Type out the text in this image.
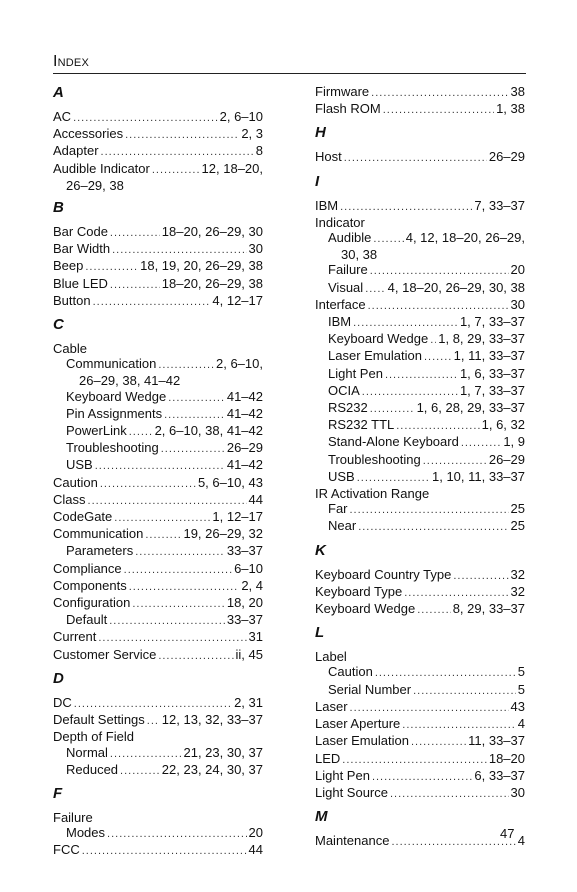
Index
A
AC .....	2, 6–10
Accessories .....	2, 3
Adapter .....	8
Audible Indicator .....	12, 18–20,
26–29, 38
B
Bar Code .....	18–20, 26–29, 30
Bar Width .....	30
Beep .....	18, 19, 20, 26–29, 38
Blue LED .....	18–20, 26–29, 38
Button .....	4, 12–17
C
Cable
Communication .....	2, 6–10,
26–29, 38, 41–42
Keyboard Wedge .....	41–42
Pin Assignments .....	41–42
PowerLink ..... 2, 6–10, 38, 41–42
Troubleshooting .....	26–29
USB .....	41–42
Caution .....	5, 6–10, 43
Class .....	44
CodeGate .....	1, 12–17
Communication .....	19, 26–29, 32
Parameters .....	33–37
Compliance .....	6–10
Components .....	2, 4
Configuration .....	18, 20
Default .....	33–37
Current .....	31
Customer Service .....	ii, 45
D
DC .....	2, 31
Default Settings ..... 12, 13, 32, 33–37
Depth of Field
Normal .....	21, 23, 30, 37
Reduced .....	22, 23, 24, 30, 37
F
Failure
Modes .....	20
FCC .....	44
Firmware .....	38
Flash ROM .....	1, 38
H
Host .....	26–29
I
IBM .....	7, 33–37
Indicator
Audible .....	4, 12, 18–20, 26–29,
30, 38
Failure .....	20
Visual ..... 4, 18–20, 26–29, 30, 38
Interface .....	30
IBM .....	1, 7, 33–37
Keyboard Wedge ..... 1, 8, 29, 33–37
Laser Emulation ..... 1, 11, 33–37
Light Pen .....	1, 6, 33–37
OCIA .....	1, 7, 33–37
RS232 .....	1, 6, 28, 29, 33–37
RS232 TTL .....	1, 6, 32
Stand-Alone Keyboard .....	1, 9
Troubleshooting .....	26–29
USB .....	1, 10, 11, 33–37
IR Activation Range
Far .....	25
Near .....	25
K
Keyboard Country Type .....	32
Keyboard Type .....	32
Keyboard Wedge .....	8, 29, 33–37
L
Label
Caution .....	5
Serial Number .....	5
Laser .....	43
Laser Aperture .....	4
Laser Emulation .....	11, 33–37
LED .....	18–20
Light Pen .....	6, 33–37
Light Source .....	30
M
Maintenance .....	4
47
